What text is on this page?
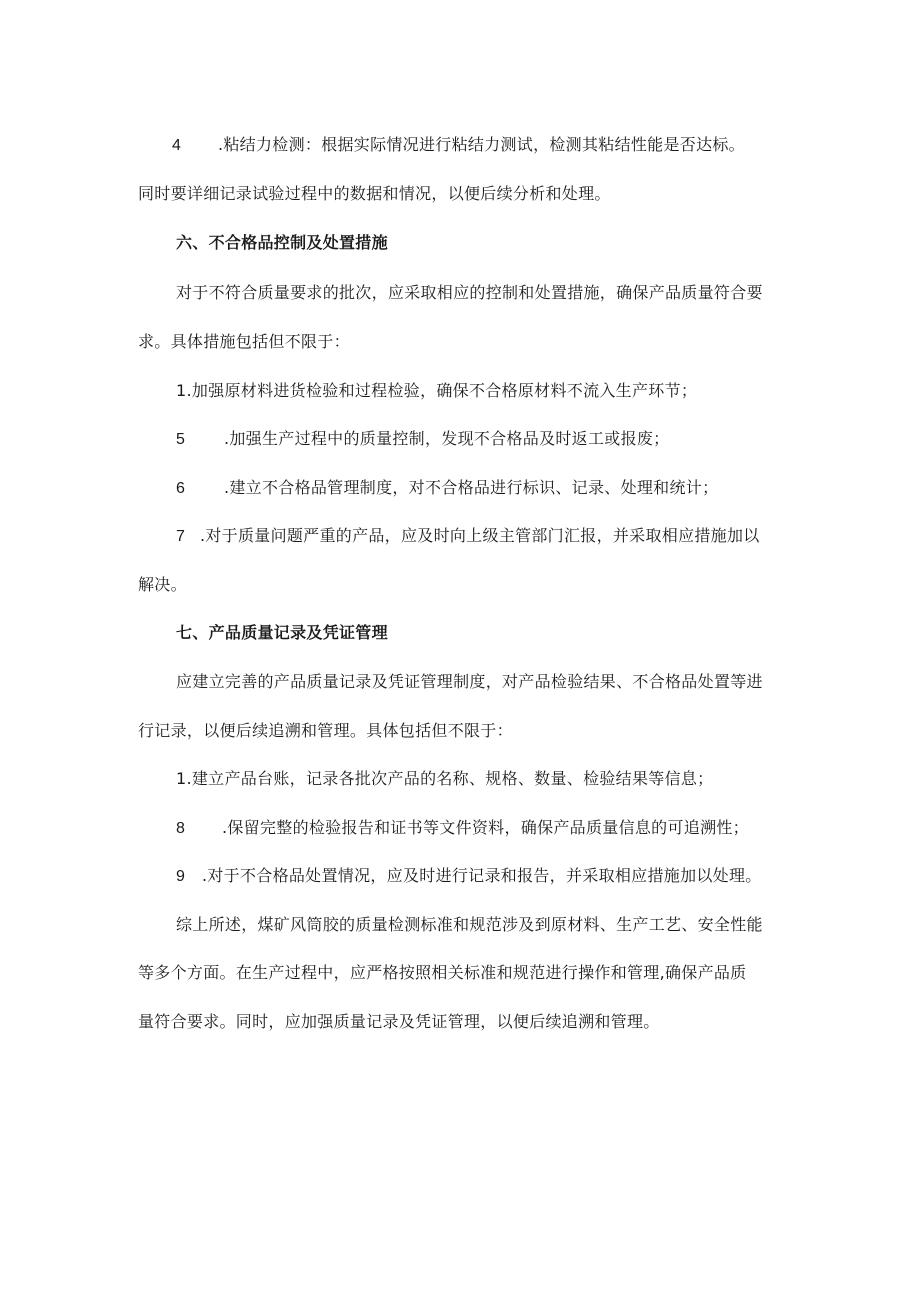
4 .粘结力检测：根据实际情况进行粘结力测试，检测其粘结性能是否达标。
同时要详细记录试验过程中的数据和情况，以便后续分析和处理。
六、不合格品控制及处置措施
对于不符合质量要求的批次，应采取相应的控制和处置措施，确保产品质量符合要
求。具体措施包括但不限于：
1.加强原材料进货检验和过程检验，确保不合格原材料不流入生产环节；
5 .加强生产过程中的质量控制，发现不合格品及时返工或报废；
6 .建立不合格品管理制度，对不合格品进行标识、记录、处理和统计；
7 .对于质量问题严重的产品，应及时向上级主管部门汇报，并采取相应措施加以
解决。
七、产品质量记录及凭证管理
应建立完善的产品质量记录及凭证管理制度，对产品检验结果、不合格品处置等进
行记录，以便后续追溯和管理。具体包括但不限于：
1.建立产品台账，记录各批次产品的名称、规格、数量、检验结果等信息；
8 .保留完整的检验报告和证书等文件资料，确保产品质量信息的可追溯性；
9 .对于不合格品处置情况，应及时进行记录和报告，并采取相应措施加以处理。
综上所述，煤矿风筒胶的质量检测标准和规范涉及到原材料、生产工艺、安全性能
等多个方面。在生产过程中，应严格按照相关标准和规范进行操作和管理,确保产品质
量符合要求。同时，应加强质量记录及凭证管理，以便后续追溯和管理。
